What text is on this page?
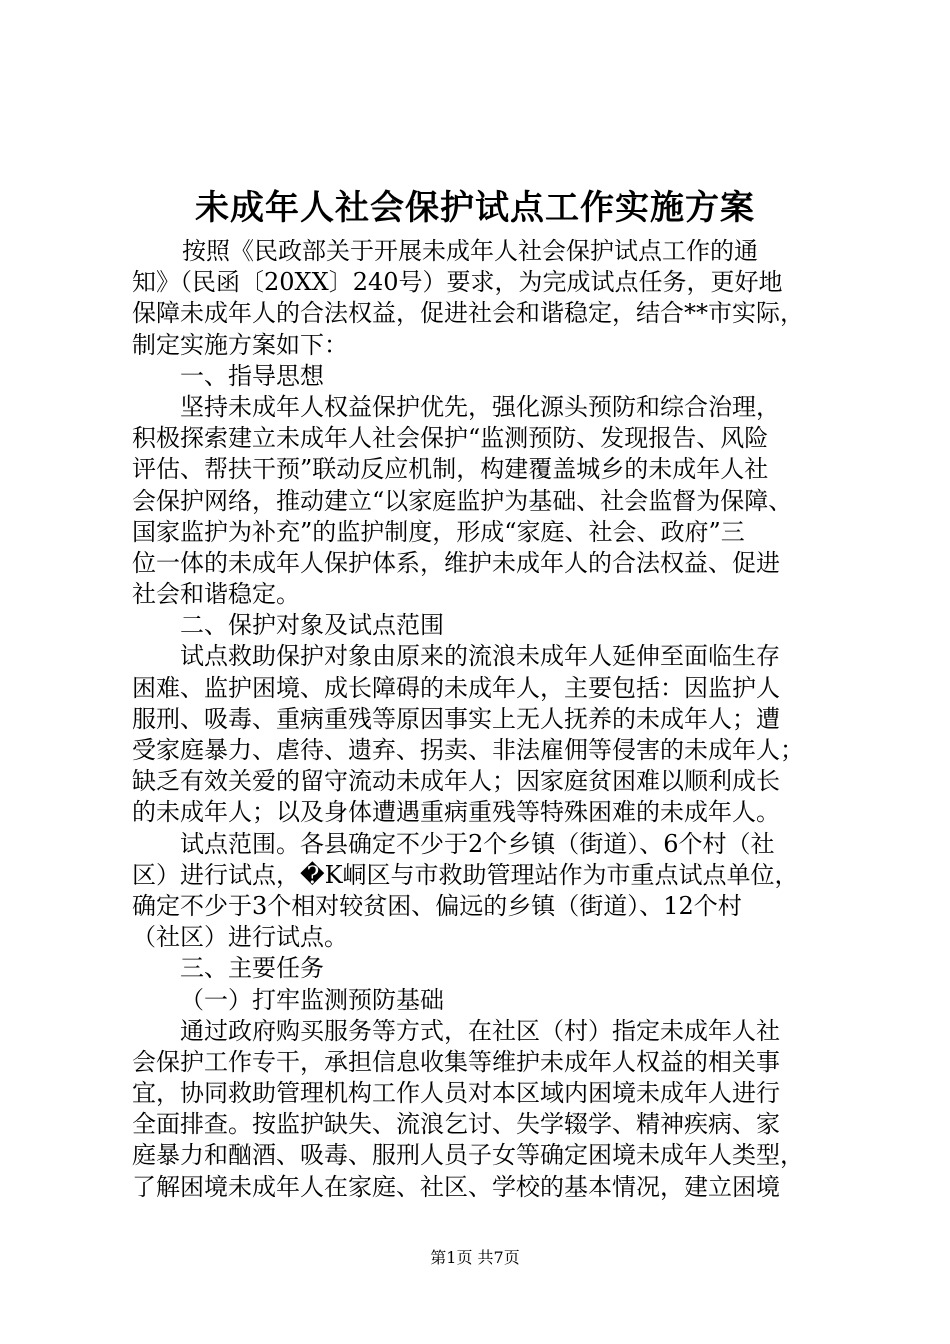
未成年人社会保护试点工作实施方案
按照《民政部关于开展未成年人社会保护试点工作的通
知》（民函〔20XX〕240号）要求，为完成试点任务，更好地
保障未成年人的合法权益，促进社会和谐稳定，结合**市实际，
制定实施方案如下：
一、指导思想
坚持未成年人权益保护优先，强化源头预防和综合治理，
积极探索建立未成年人社会保护“监测预防、发现报告、风险
评估、帮扶干预”联动反应机制，构建覆盖城乡的未成年人社
会保护网络，推动建立“以家庭监护为基础、社会监督为保障、
国家监护为补充”的监护制度，形成“家庭、社会、政府”三
位一体的未成年人保护体系，维护未成年人的合法权益、促进
社会和谐稳定。
二、保护对象及试点范围
试点救助保护对象由原来的流浪未成年人延伸至面临生存
困难、监护困境、成长障碍的未成年人，主要包括：因监护人
服刑、吸毒、重病重残等原因事实上无人抚养的未成年人；遭
受家庭暴力、虐待、遗弃、拐卖、非法雇佣等侵害的未成年人；
缺乏有效关爱的留守流动未成年人；因家庭贫困难以顺利成长
的未成年人；以及身体遭遇重病重残等特殊困难的未成年人。
试点范围。各县确定不少于2个乡镇（街道）、6个村（社
区）进行试点，�K峒区与市救助管理站作为市重点试点单位，
确定不少于3个相对较贫困、偏远的乡镇（街道）、12个村
（社区）进行试点。
三、主要任务
（一）打牢监测预防基础
通过政府购买服务等方式，在社区（村）指定未成年人社
会保护工作专干，承担信息收集等维护未成年人权益的相关事
宜，协同救助管理机构工作人员对本区域内困境未成年人进行
全面排查。按监护缺失、流浪乞讨、失学辍学、精神疾病、家
庭暴力和酗酒、吸毒、服刑人员子女等确定困境未成年人类型，
了解困境未成年人在家庭、社区、学校的基本情况，建立困境
第1页 共7页
